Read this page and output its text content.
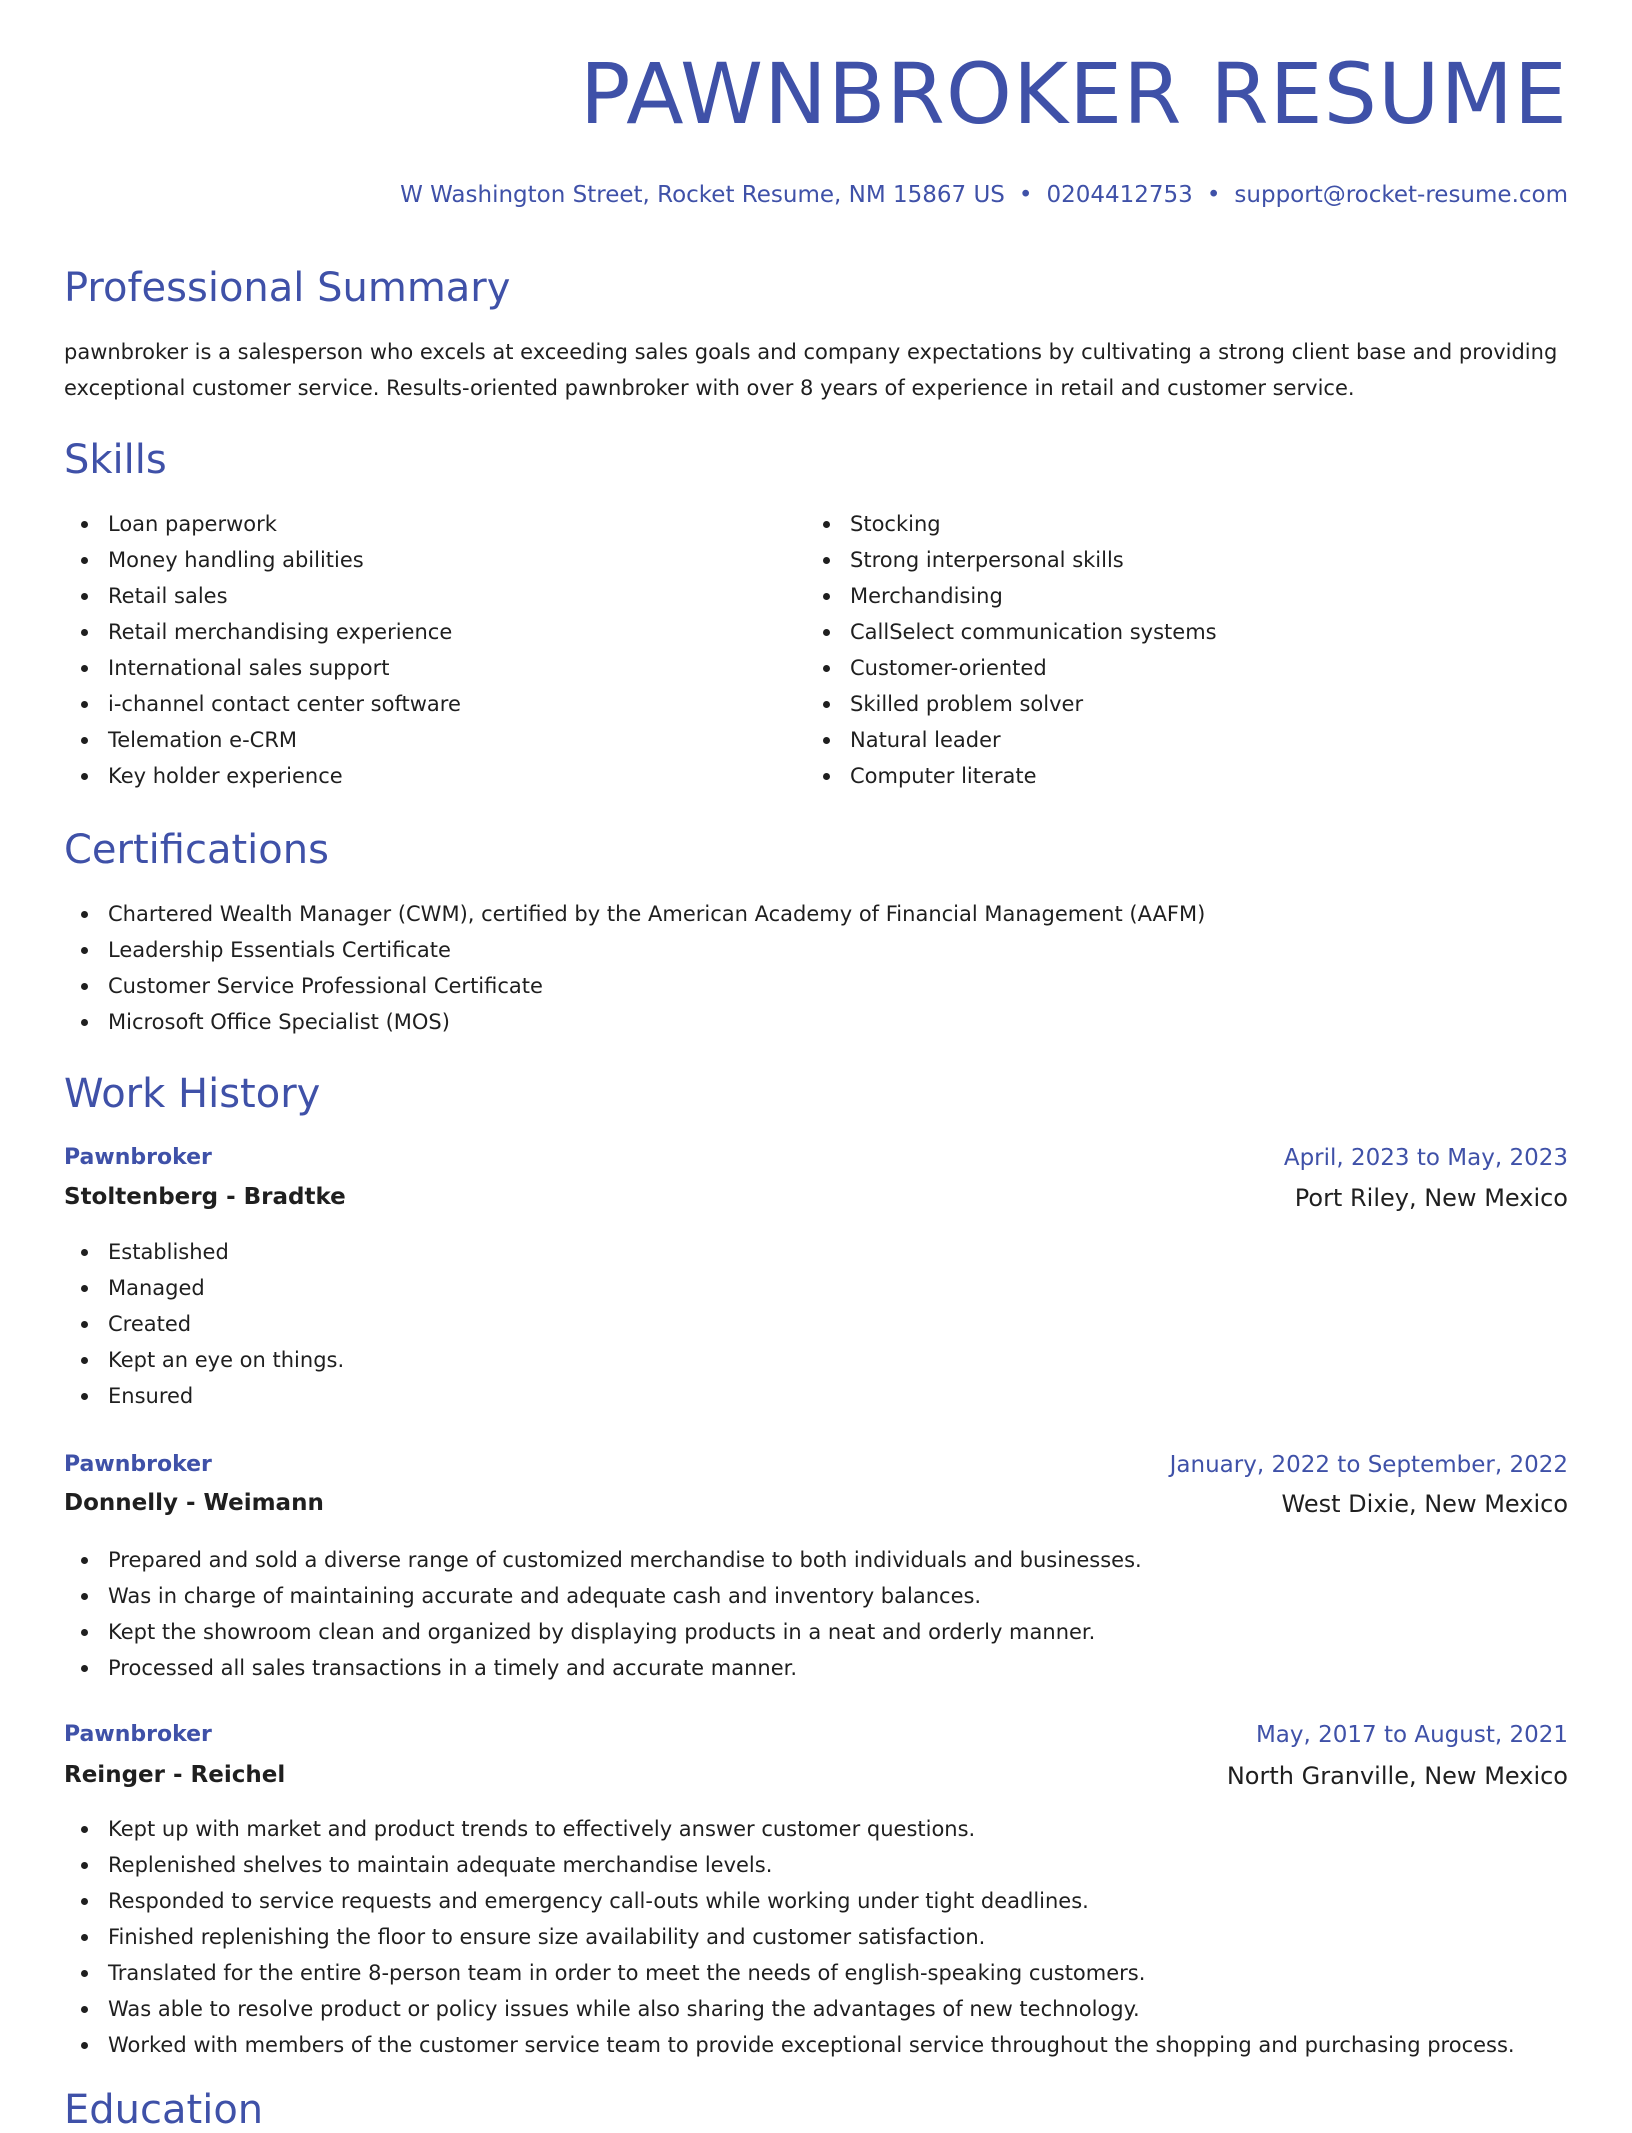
PAWNBROKER RESUME
W Washington Street, Rocket Resume, NM 15867 US • 0204412753 • support@rocket-resume.com
Professional Summary

pawnbroker is a salesperson who excels at exceeding sales goals and company expectations by cultivating a strong client base and providing exceptional customer service. Results-oriented pawnbroker with over 8 years of experience in retail and customer service.

Skills
Loan paperwork
Money handling abilities
Retail sales
Retail merchandising experience
International sales support
i-channel contact center software
Telemation e-CRM
Key holder experience
Stocking
Strong interpersonal skills
Merchandising
CallSelect communication systems
Customer-oriented
Skilled problem solver
Natural leader
Computer literate
Certifications
Chartered Wealth Manager (CWM), certified by the American Academy of Financial Management (AAFM)
Leadership Essentials Certificate
Customer Service Professional Certificate
Microsoft Office Specialist (MOS)
Work History
Pawnbroker	April, 2023 to May, 2023
Stoltenberg - Bradtke	Port Riley, New Mexico
Established
Managed
Created
Kept an eye on things.
Ensured
Pawnbroker	January, 2022 to September, 2022
Donnelly - Weimann	West Dixie, New Mexico
Prepared and sold a diverse range of customized merchandise to both individuals and businesses.
Was in charge of maintaining accurate and adequate cash and inventory balances.
Kept the showroom clean and organized by displaying products in a neat and orderly manner.
Processed all sales transactions in a timely and accurate manner.
Pawnbroker	May, 2017 to August, 2021
Reinger - Reichel	North Granville, New Mexico
Kept up with market and product trends to effectively answer customer questions.
Replenished shelves to maintain adequate merchandise levels.
Responded to service requests and emergency call-outs while working under tight deadlines.
Finished replenishing the floor to ensure size availability and customer satisfaction.
Translated for the entire 8-person team in order to meet the needs of english-speaking customers.
Was able to resolve product or policy issues while also sharing the advantages of new technology.
Worked with members of the customer service team to provide exceptional service throughout the shopping and purchasing process.
Education
